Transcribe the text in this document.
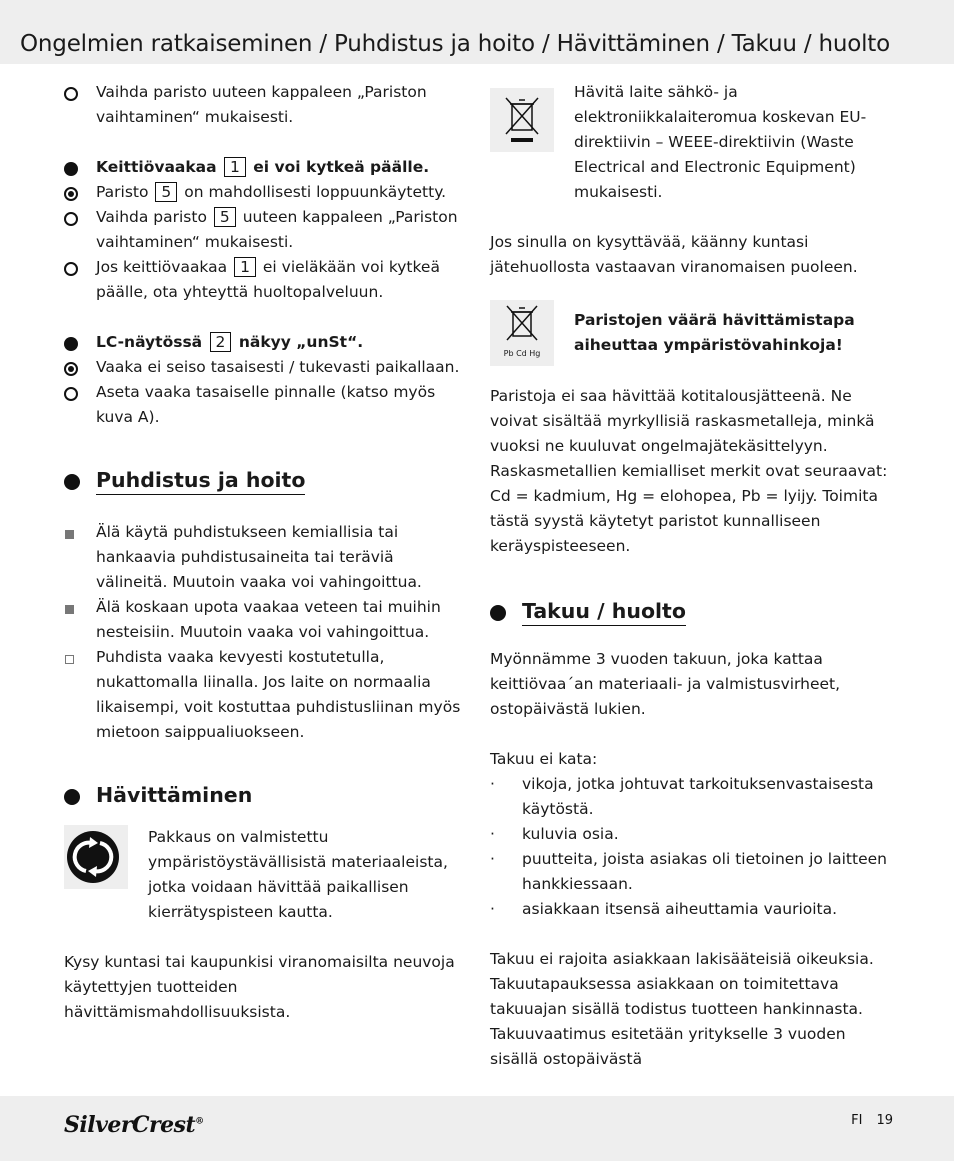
Ongelmien ratkaiseminen / Puhdistus ja hoito / Hävittäminen / Takuu / huolto
Vaihda paristo uuteen kappaleen „Pariston vaihtaminen“ mukaisesti.
Keittiövaakaa 1 ei voi kytkeä päälle.
Paristo 5 on mahdollisesti loppuunkäytetty.
Vaihda paristo 5 uuteen kappaleen „Pariston vaihtaminen“ mukaisesti.
Jos keittiövaakaa 1 ei vieläkään voi kytkeä päälle, ota yhteyttä huoltopalveluun.
LC-näytössä 2 näkyy „unSt“.
Vaaka ei seiso tasaisesti / tukevasti paikallaan.
Aseta vaaka tasaiselle pinnalle (katso myös kuva A).
Puhdistus ja hoito
Älä käytä puhdistukseen kemiallisia tai hankaavia puhdistusaineita tai teräviä välineitä. Muutoin vaaka voi vahingoittua.
Älä koskaan upota vaakaa veteen tai muihin nesteisiin. Muutoin vaaka voi vahingoittua.
Puhdista vaaka kevyesti kostutetulla, nukattomalla liinalla. Jos laite on normaalia likaisempi, voit kostuttaa puhdistusliinan myös mietoon saippualiuokseen.
Hävittäminen
Pakkaus on valmistettu ympäristöystävällisistä materiaaleista, jotka voidaan hävittää paikallisen kierrätyspisteen kautta.
Kysy kuntasi tai kaupunkisi viranomaisilta neuvoja käytettyjen tuotteiden hävittämismahdollisuuksista.
Hävitä laite sähkö- ja elektroniikkalaiteromua koskevan EU-direktiivin – WEEE-direktiivin (Waste Electrical and Electronic Equipment) mukaisesti.
Jos sinulla on kysyttävää, käänny kuntasi jätehuollosta vastaavan viranomaisen puoleen.
Pb Cd Hg
Paristojen väärä hävittämistapa aiheuttaa ympäristövahinkoja!
Paristoja ei saa hävittää kotitalousjätteenä. Ne voivat sisältää myrkyllisiä raskasmetalleja, minkä vuoksi ne kuuluvat ongelmajätekäsittelyyn. Raskasmetallien kemialliset merkit ovat seuraavat: Cd = kadmium, Hg = elohopea, Pb = lyijy. Toimita tästä syystä käytetyt paristot kunnalliseen keräyspisteeseen.
Takuu / huolto
Myönnämme 3 vuoden takuun, joka kattaa keittiövaa´an materiaali- ja valmistusvirheet, ostopäivästä lukien.
Takuu ei kata:
· vikoja, jotka johtuvat tarkoituksenvastaisesta käytöstä.
· kuluvia osia.
· puutteita, joista asiakas oli tietoinen jo laitteen hankkiessaan.
· asiakkaan itsensä aiheuttamia vaurioita.
Takuu ei rajoita asiakkaan lakisääteisiä oikeuksia.
Takuutapauksessa asiakkaan on toimitettava takuuajan sisällä todistus tuotteen hankinnasta. Takuuvaatimus esitetään yritykselle 3 vuoden sisällä ostopäivästä
SilverCrest®	FI 19
